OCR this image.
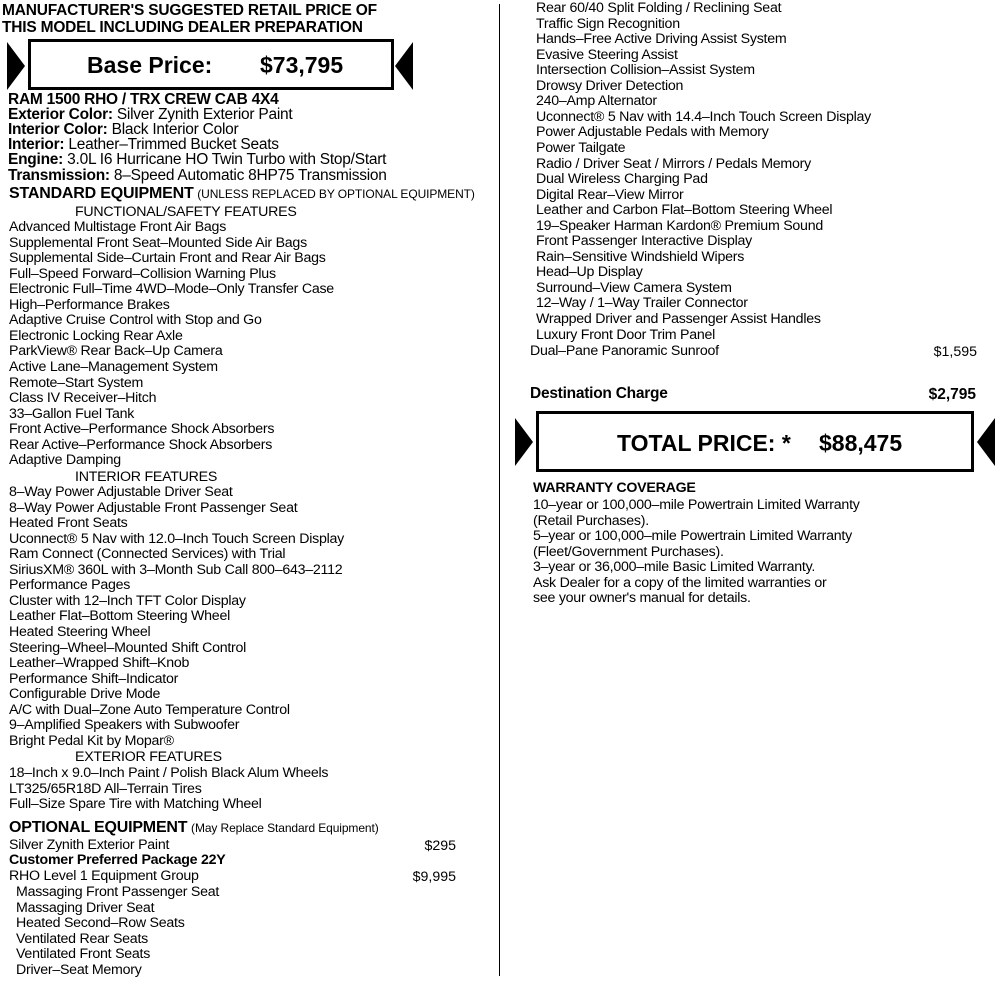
MANUFACTURER'S SUGGESTED RETAIL PRICE OF
THIS MODEL INCLUDING DEALER PREPARATION
Base Price: $73,795
RAM 1500 RHO / TRX CREW CAB 4X4
Exterior Color: Silver Zynith Exterior Paint
Interior Color: Black Interior Color
Interior: Leather–Trimmed Bucket Seats
Engine: 3.0L I6 Hurricane HO Twin Turbo with Stop/Start
Transmission: 8–Speed Automatic 8HP75 Transmission
STANDARD EQUIPMENT (UNLESS REPLACED BY OPTIONAL EQUIPMENT)
FUNCTIONAL/SAFETY FEATURES
Advanced Multistage Front Air Bags
Supplemental Front Seat–Mounted Side Air Bags
Supplemental Side–Curtain Front and Rear Air Bags
Full–Speed Forward–Collision Warning Plus
Electronic Full–Time 4WD–Mode–Only Transfer Case
High–Performance Brakes
Adaptive Cruise Control with Stop and Go
Electronic Locking Rear Axle
ParkView® Rear Back–Up Camera
Active Lane–Management System
Remote–Start System
Class IV Receiver–Hitch
33–Gallon Fuel Tank
Front Active–Performance Shock Absorbers
Rear Active–Performance Shock Absorbers
Adaptive Damping
INTERIOR FEATURES
8–Way Power Adjustable Driver Seat
8–Way Power Adjustable Front Passenger Seat
Heated Front Seats
Uconnect® 5 Nav with 12.0–Inch Touch Screen Display
Ram Connect (Connected Services) with Trial
SiriusXM® 360L with 3–Month Sub Call 800–643–2112
Performance Pages
Cluster with 12–Inch TFT Color Display
Leather Flat–Bottom Steering Wheel
Heated Steering Wheel
Steering–Wheel–Mounted Shift Control
Leather–Wrapped Shift–Knob
Performance Shift–Indicator
Configurable Drive Mode
A/C with Dual–Zone Auto Temperature Control
9–Amplified Speakers with Subwoofer
Bright Pedal Kit by Mopar®
EXTERIOR FEATURES
18–Inch x 9.0–Inch Paint / Polish Black Alum Wheels
LT325/65R18D All–Terrain Tires
Full–Size Spare Tire with Matching Wheel
OPTIONAL EQUIPMENT (May Replace Standard Equipment)
Silver Zynith Exterior Paint	$295
Customer Preferred Package 22Y
RHO Level 1 Equipment Group	$9,995
Massaging Front Passenger Seat
Massaging Driver Seat
Heated Second–Row Seats
Ventilated Rear Seats
Ventilated Front Seats
Driver–Seat Memory
Rear 60/40 Split Folding / Reclining Seat
Traffic Sign Recognition
Hands–Free Active Driving Assist System
Evasive Steering Assist
Intersection Collision–Assist System
Drowsy Driver Detection
240–Amp Alternator
Uconnect® 5 Nav with 14.4–Inch Touch Screen Display
Power Adjustable Pedals with Memory
Power Tailgate
Radio / Driver Seat / Mirrors / Pedals Memory
Dual Wireless Charging Pad
Digital Rear–View Mirror
Leather and Carbon Flat–Bottom Steering Wheel
19–Speaker Harman Kardon® Premium Sound
Front Passenger Interactive Display
Rain–Sensitive Windshield Wipers
Head–Up Display
Surround–View Camera System
12–Way / 1–Way Trailer Connector
Wrapped Driver and Passenger Assist Handles
Luxury Front Door Trim Panel
Dual–Pane Panoramic Sunroof	$1,595
Destination Charge	$2,795
TOTAL PRICE: * $88,475
WARRANTY COVERAGE
10–year or 100,000–mile Powertrain Limited Warranty
(Retail Purchases).
5–year or 100,000–mile Powertrain Limited Warranty
(Fleet/Government Purchases).
3–year or 36,000–mile Basic Limited Warranty.
Ask Dealer for a copy of the limited warranties or
see your owner's manual for details.
